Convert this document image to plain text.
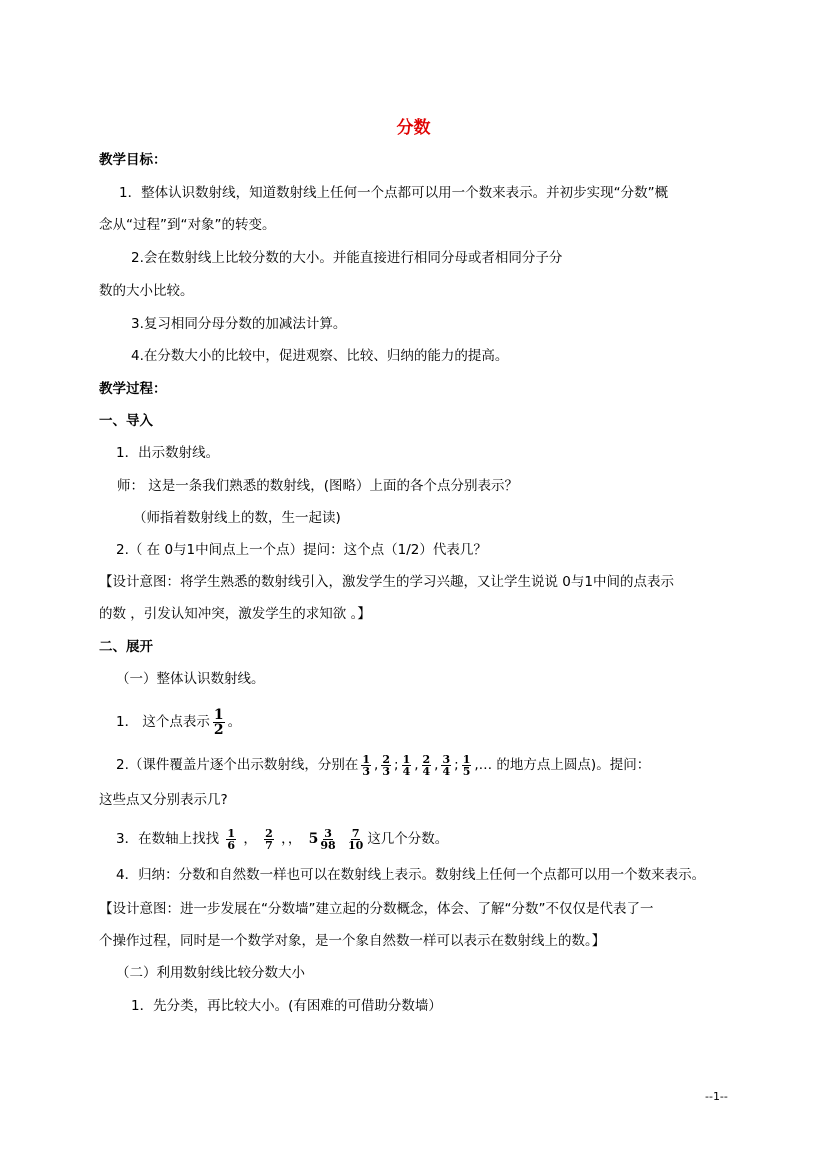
分数
教学目标：
1．整体认识数射线，知道数射线上任何一个点都可以用一个数来表示。并初步实现“分数”概
念从“过程”到“对象”的转变。
2.会在数射线上比较分数的大小。并能直接进行相同分母或者相同分子分
数的大小比较。
3.复习相同分母分数的加减法计算。
4.在分数大小的比较中，促进观察、比较、归纳的能力的提高。
教学过程：
一、导入
1．出示数射线。
师： 这是一条我们熟悉的数射线，(图略）上面的各个点分别表示？
（师指着数射线上的数，生一起读)
2.（ 在 0与1中间点上一个点）提问：这个点（1/2）代表几？
【设计意图：将学生熟悉的数射线引入，激发学生的学习兴趣，又让学生说说 0与1中间的点表示
的数 ，引发认知冲突，激发学生的求知欲 。】
二、展开
（一）整体认识数射线。
1． 这个点表示 $\frac{1}{2}$ 。
2.（课件覆盖片逐个出示数射线，分别在 $\frac{1}{3}$ , $\frac{2}{3}$ ; $\frac{1}{4}$ , $\frac{2}{4}$ , $\frac{3}{4}$ ; $\frac{1}{5}$ ,… 的地方点上圆点)。提问：
这些点又分别表示几?
3．在数轴上找找 $\frac{1}{6}$ ， $\frac{2}{7}$ ，， $5 \frac{3}{98}$
$\frac{7}{10}$ 这几个分数。
4．归纳：分数和自然数一样也可以在数射线上表示。数射线上任何一个点都可以用一个数来表示。
【设计意图：进一步发展在“分数墙”建立起的分数概念，体会、了解“分数”不仅仅是代表了一
个操作过程，同时是一个数学对象，是一个象自然数一样可以表示在数射线上的数。】
（二）利用数射线比较分数大小
1．先分类，再比较大小。(有困难的可借助分数墙）
--1--
